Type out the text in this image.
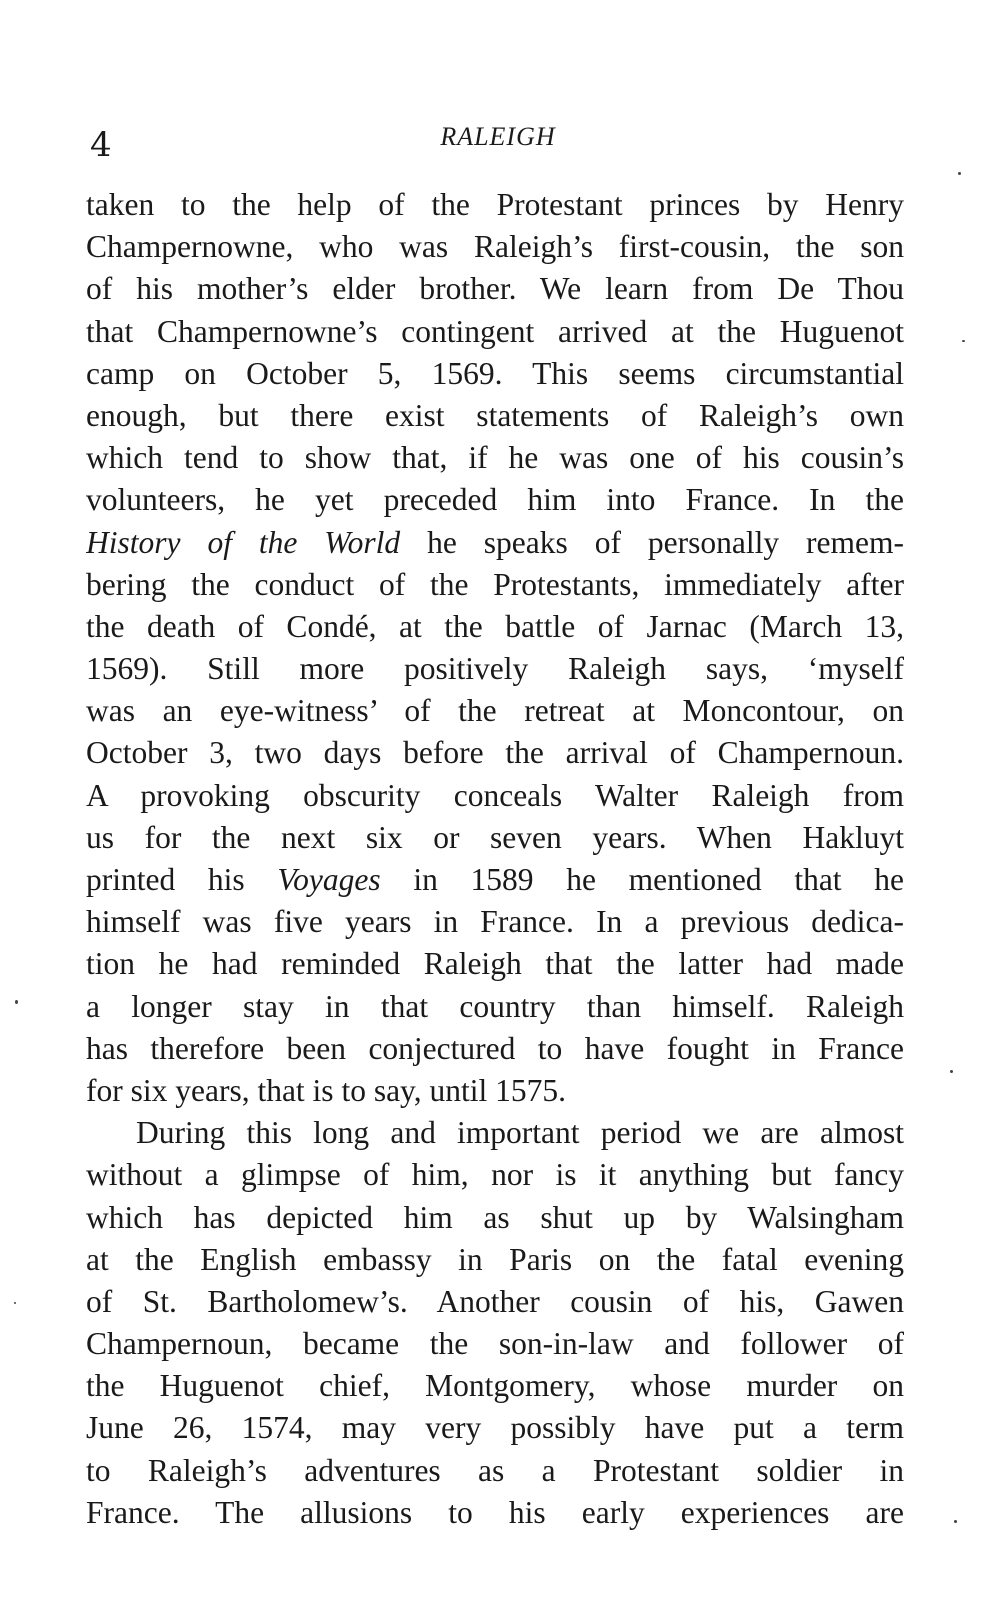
4	RALEIGH
taken to the help of the Protestant princes by Henry
Champernowne, who was Raleigh’s first-cousin, the son
of his mother’s elder brother. We learn from De Thou
that Champernowne’s contingent arrived at the Huguenot
camp on October 5, 1569. This seems circumstantial
enough, but there exist statements of Raleigh’s own
which tend to show that, if he was one of his cousin’s
volunteers, he yet preceded him into France. In the
History of the World he speaks of personally remem-
bering the conduct of the Protestants, immediately after
the death of Condé, at the battle of Jarnac (March 13,
1569). Still more positively Raleigh says, ‘myself
was an eye-witness’ of the retreat at Moncontour, on
October 3, two days before the arrival of Champernoun.
A provoking obscurity conceals Walter Raleigh from
us for the next six or seven years. When Hakluyt
printed his Voyages in 1589 he mentioned that he
himself was five years in France. In a previous dedica-
tion he had reminded Raleigh that the latter had made
a longer stay in that country than himself. Raleigh
has therefore been conjectured to have fought in France
for six years, that is to say, until 1575.
During this long and important period we are almost
without a glimpse of him, nor is it anything but fancy
which has depicted him as shut up by Walsingham
at the English embassy in Paris on the fatal evening
of St. Bartholomew’s. Another cousin of his, Gawen
Champernoun, became the son-in-law and follower of
the Huguenot chief, Montgomery, whose murder on
June 26, 1574, may very possibly have put a term
to Raleigh’s adventures as a Protestant soldier in
France. The allusions to his early experiences are
